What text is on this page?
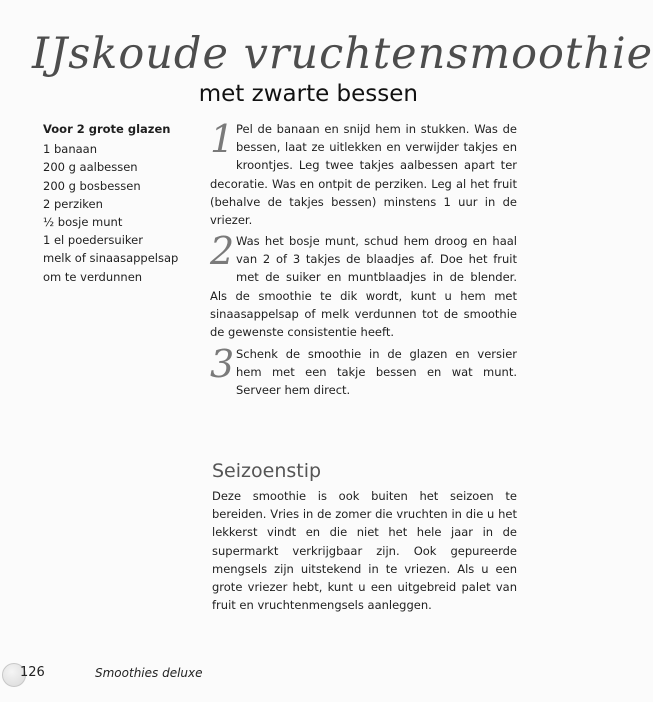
IJskoude vruchtensmoothie
met zwarte bessen
Voor 2 grote glazen
1 banaan
200 g aalbessen
200 g bosbessen
2 perziken
½ bosje munt
1 el poedersuiker
melk of sinaasappelsap om te verdunnen
1 Pel de banaan en snijd hem in stukken. Was de bessen, laat ze uitlekken en verwijder takjes en kroontjes. Leg twee takjes aalbessen apart ter decoratie. Was en ontpit de perziken. Leg al het fruit (behalve de takjes bessen) minstens 1 uur in de vriezer.
2 Was het bosje munt, schud hem droog en haal van 2 of 3 takjes de blaadjes af. Doe het fruit met de suiker en muntblaadjes in de blender. Als de smoothie te dik wordt, kunt u hem met sinaasappelsap of melk verdunnen tot de smoothie de gewenste consistentie heeft.
3 Schenk de smoothie in de glazen en versier hem met een takje bessen en wat munt. Serveer hem direct.
Seizoenstip
Deze smoothie is ook buiten het seizoen te bereiden. Vries in de zomer die vruchten in die u het lekkerst vindt en die niet het hele jaar in de supermarkt verkrijgbaar zijn. Ook gepureerde mengsels zijn uitstekend in te vriezen. Als u een grote vriezer hebt, kunt u een uitgebreid palet van fruit en vruchtenmengsels aanleggen.
126	Smoothies deluxe
